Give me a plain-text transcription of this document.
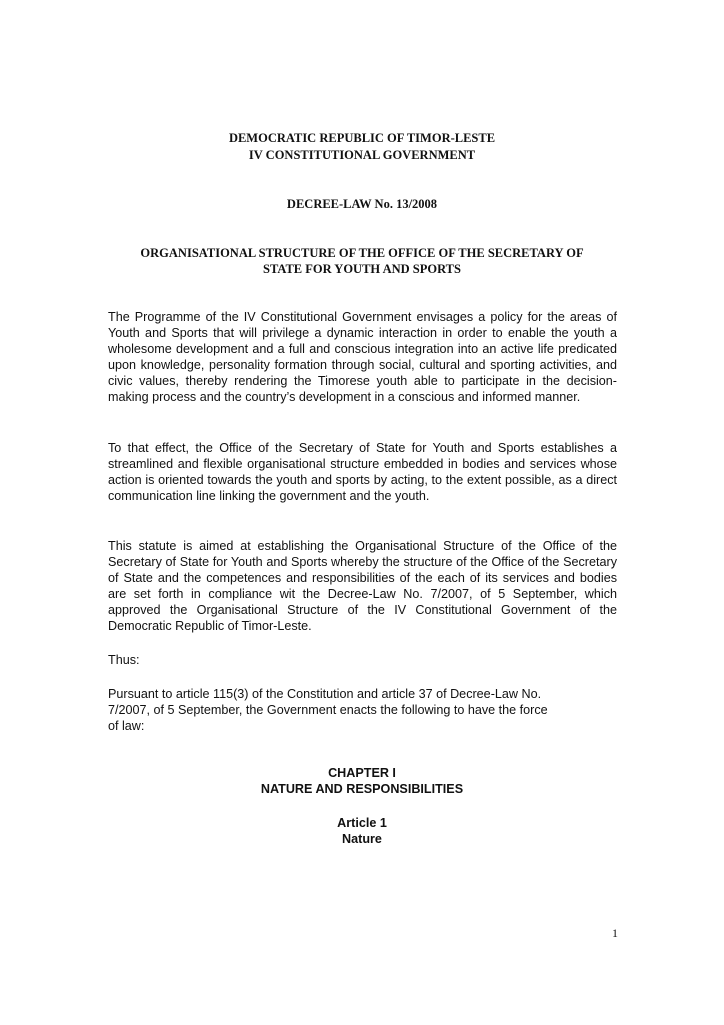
DEMOCRATIC REPUBLIC OF TIMOR-LESTE
IV CONSTITUTIONAL GOVERNMENT
DECREE-LAW No. 13/2008
ORGANISATIONAL STRUCTURE OF THE OFFICE OF THE SECRETARY OF
STATE FOR YOUTH AND SPORTS

The Programme of the IV Constitutional Government envisages a policy for the areas of Youth and Sports that will privilege a dynamic interaction in order to enable the youth a wholesome development and a full and conscious integration into an active life predicated upon knowledge, personality formation through social, cultural and sporting activities, and civic values, thereby rendering the Timorese youth able to participate in the decision-making process and the country’s development in a conscious and informed manner.

To that effect, the Office of the Secretary of State for Youth and Sports establishes a streamlined and flexible organisational structure embedded in bodies and services whose action is oriented towards the youth and sports by acting, to the extent possible, as a direct communication line linking the government and the youth.

This statute is aimed at establishing the Organisational Structure of the Office of the Secretary of State for Youth and Sports whereby the structure of the Office of the Secretary of State and the competences and responsibilities of the each of its services and bodies are set forth in compliance wit the Decree-Law No. 7/2007, of 5 September, which approved the Organisational Structure of the IV Constitutional Government of the Democratic Republic of Timor-Leste.

Thus:

Pursuant to article 115(3) of the Constitution and article 37 of Decree-Law No.
7/2007, of 5 September, the Government enacts the following to have the force
of law:

CHAPTER I
NATURE AND RESPONSIBILITIES
Article 1
Nature
1
